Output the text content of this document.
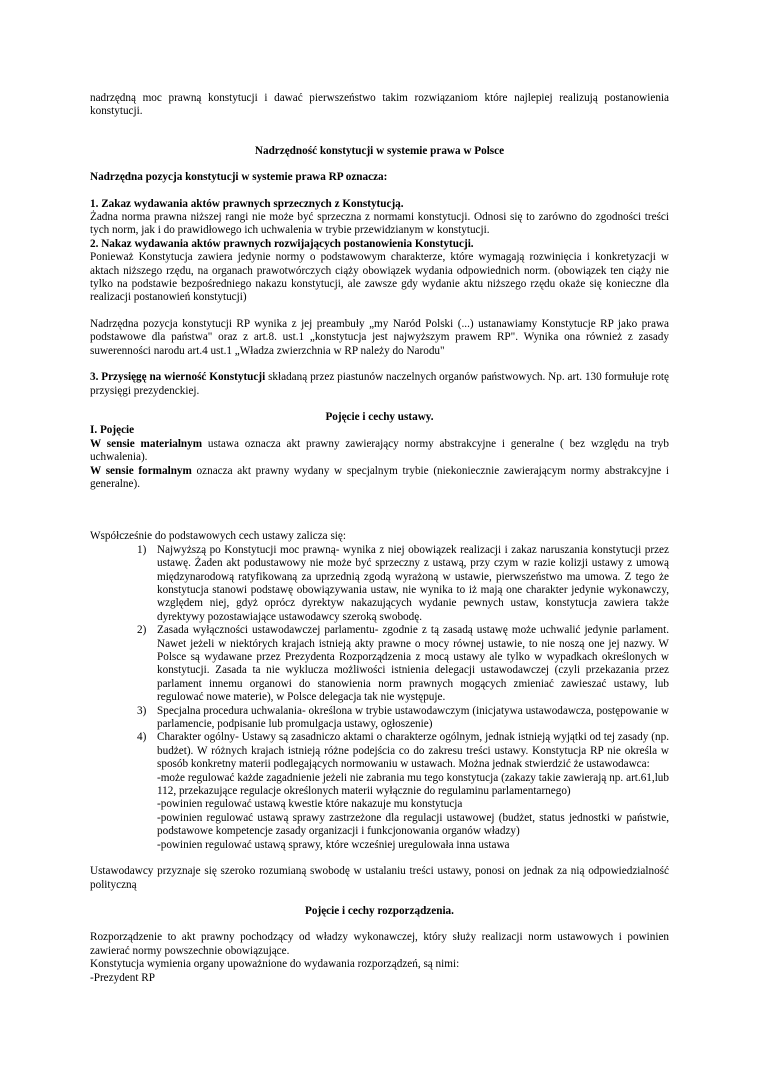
nadrzędną moc prawną konstytucji i dawać pierwszeństwo takim rozwiązaniom które najlepiej realizują postanowienia konstytucji.

Nadrzędność konstytucji w systemie prawa w Polsce

Nadrzędna pozycja konstytucji w systemie prawa RP oznacza:

1. Zakaz wydawania aktów prawnych sprzecznych z Konstytucją.

Żadna norma prawna niższej rangi nie może być sprzeczna z normami konstytucji. Odnosi się to zarówno do zgodności treści tych norm, jak i do prawidłowego ich uchwalenia w trybie przewidzianym w konstytucji.

2. Nakaz wydawania aktów prawnych rozwijających postanowienia Konstytucji.

Ponieważ Konstytucja zawiera jedynie normy o podstawowym charakterze, które wymagają rozwinięcia i konkretyzacji w aktach niższego rzędu, na organach prawotwórczych ciąży obowiązek wydania odpowiednich norm. (obowiązek ten ciąży nie tylko na podstawie bezpośredniego nakazu konstytucji, ale zawsze gdy wydanie aktu niższego rzędu okaże się konieczne dla realizacji postanowień konstytucji)

Nadrzędna pozycja konstytucji RP wynika z jej preambuły „my Naród Polski (...) ustanawiamy Konstytucje RP jako prawa podstawowe dla państwa" oraz z art.8. ust.1 „konstytucja jest najwyższym prawem RP". Wynika ona również z zasady suwerenności narodu art.4 ust.1 „Władza zwierzchnia w RP należy do Narodu"

3. Przysięgę na wierność Konstytucji składaną przez piastunów naczelnych organów państwowych. Np. art. 130 formułuje rotę przysięgi prezydenckiej.

Pojęcie i cechy ustawy.

I. Pojęcie

W sensie materialnym ustawa oznacza akt prawny zawierający normy abstrakcyjne i generalne ( bez względu na tryb uchwalenia).

W sensie formalnym oznacza akt prawny wydany w specjalnym trybie (niekoniecznie zawierającym normy abstrakcyjne i generalne).

Współcześnie do podstawowych cech ustawy zalicza się:

1) Najwyższą po Konstytucji moc prawną- wynika z niej obowiązek realizacji i zakaz naruszania konstytucji przez ustawę. Żaden akt podustawowy nie może być sprzeczny z ustawą, przy czym w razie kolizji ustawy z umową międzynarodową ratyfikowaną za uprzednią zgodą wyrażoną w ustawie, pierwszeństwo ma umowa. Z tego że konstytucja stanowi podstawę obowiązywania ustaw, nie wynika to iż mają one charakter jedynie wykonawczy, względem niej, gdyż oprócz dyrektyw nakazujących wydanie pewnych ustaw, konstytucja zawiera także dyrektywy pozostawiające ustawodawcy szeroką swobodę.
2) Zasada wyłączności ustawodawczej parlamentu- zgodnie z tą zasadą ustawę może uchwalić jedynie parlament. Nawet jeżeli w niektórych krajach istnieją akty prawne o mocy równej ustawie, to nie noszą one jej nazwy. W Polsce są wydawane przez Prezydenta Rozporządzenia z mocą ustawy ale tylko w wypadkach określonych w konstytucji. Zasada ta nie wyklucza możliwości istnienia delegacji ustawodawczej (czyli przekazania przez parlament innemu organowi do stanowienia norm prawnych mogących zmieniać zawieszać ustawy, lub regulować nowe materie), w Polsce delegacja tak nie występuje.
3) Specjalna procedura uchwalania- określona w trybie ustawodawczym (inicjatywa ustawodawcza, postępowanie w parlamencie, podpisanie lub promulgacja ustawy, ogłoszenie)
4) Charakter ogólny- Ustawy są zasadniczo aktami o charakterze ogólnym, jednak istnieją wyjątki od tej zasady (np. budżet). W różnych krajach istnieją różne podejścia co do zakresu treści ustawy. Konstytucja RP nie określa w sposób konkretny materii podlegających normowaniu w ustawach. Można jednak stwierdzić że ustawodawca:
-może regulować każde zagadnienie jeżeli nie zabrania mu tego konstytucja (zakazy takie zawierają np. art.61,lub 112, przekazujące regulacje określonych materii wyłącznie do regulaminu parlamentarnego)
-powinien regulować ustawą kwestie które nakazuje mu konstytucja
-powinien regulować ustawą sprawy zastrzeżone dla regulacji ustawowej (budżet, status jednostki w państwie, podstawowe kompetencje zasady organizacji i funkcjonowania organów władzy)
-powinien regulować ustawą sprawy, które wcześniej uregulowała inna ustawa

Ustawodawcy przyznaje się szeroko rozumianą swobodę w ustalaniu treści ustawy, ponosi on jednak za nią odpowiedzialność polityczną

Pojęcie i cechy rozporządzenia.

Rozporządzenie to akt prawny pochodzący od władzy wykonawczej, który służy realizacji norm ustawowych i powinien zawierać normy powszechnie obowiązujące.

Konstytucja wymienia organy upoważnione do wydawania rozporządzeń, są nimi:

-Prezydent RP
